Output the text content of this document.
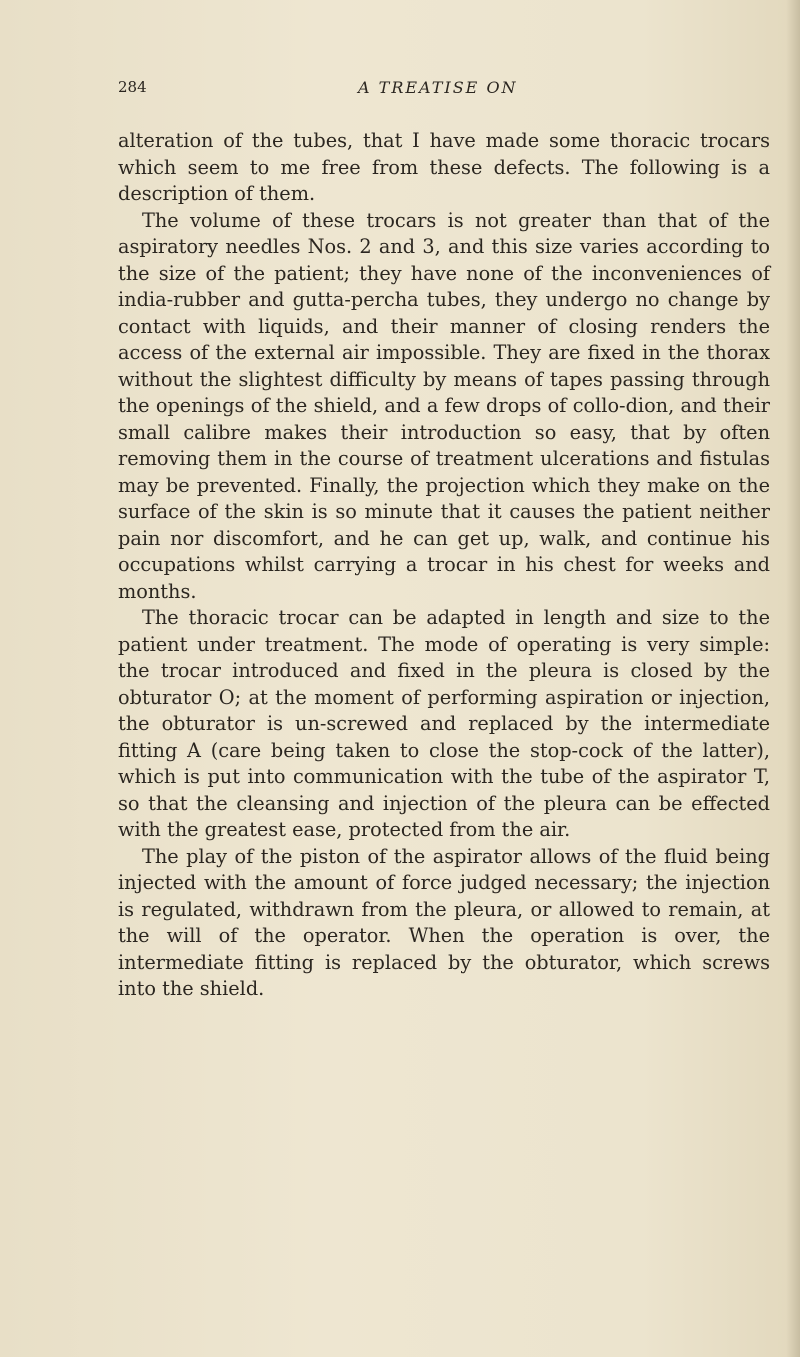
284	A TREATISE ON

alteration of the tubes, that I have made some thoracic trocars which seem to me free from these defects. The following is a description of them.

The volume of these trocars is not greater than that of the aspiratory needles Nos. 2 and 3, and this size varies according to the size of the patient; they have none of the inconveniences of india-rubber and gutta-percha tubes, they undergo no change by contact with liquids, and their manner of closing renders the access of the external air impossible. They are fixed in the thorax without the slightest difficulty by means of tapes passing through the openings of the shield, and a few drops of collo-dion, and their small calibre makes their introduction so easy, that by often removing them in the course of treatment ulcerations and fistulas may be prevented. Finally, the projection which they make on the surface of the skin is so minute that it causes the patient neither pain nor discomfort, and he can get up, walk, and continue his occupations whilst carrying a trocar in his chest for weeks and months.

The thoracic trocar can be adapted in length and size to the patient under treatment. The mode of operating is very simple: the trocar introduced and fixed in the pleura is closed by the obturator O; at the moment of performing aspiration or injection, the obturator is un-screwed and replaced by the intermediate fitting A (care being taken to close the stop-cock of the latter), which is put into communication with the tube of the aspirator T, so that the cleansing and injection of the pleura can be effected with the greatest ease, protected from the air.

The play of the piston of the aspirator allows of the fluid being injected with the amount of force judged necessary; the injection is regulated, withdrawn from the pleura, or allowed to remain, at the will of the operator. When the operation is over, the intermediate fitting is replaced by the obturator, which screws into the shield.
